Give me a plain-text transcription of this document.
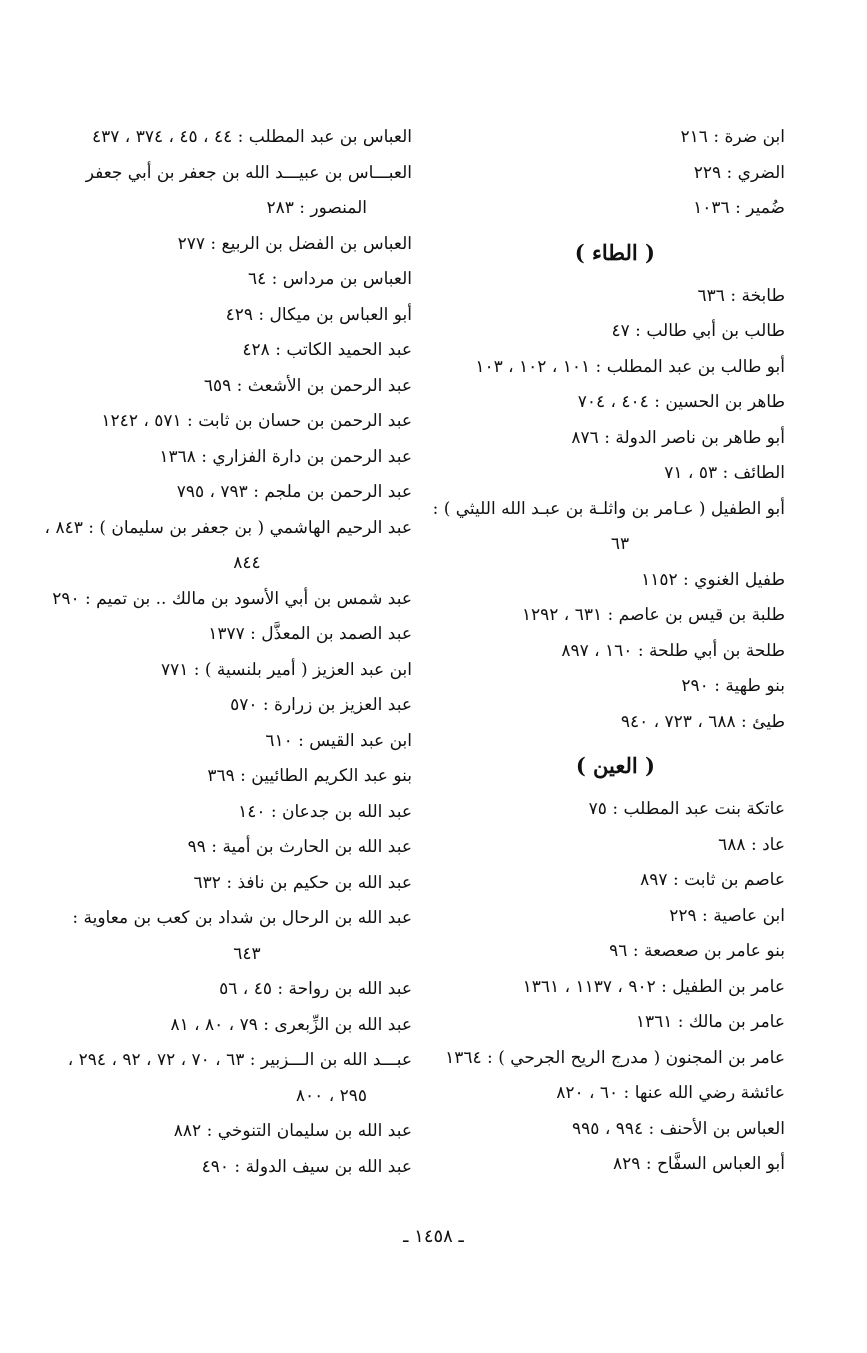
ابن ضرة : ٢١٦
الضري : ٢٢٩
ضُمير : ١٠٣٦
( الطاء )
طابخة : ٦٣٦
طالب بن أبي طالب : ٤٧
أبو طالب بن عبد المطلب : ١٠١ ، ١٠٢ ، ١٠٣
طاهر بن الحسين : ٤٠٤ ، ٧٠٤
أبو طاهر بن ناصر الدولة : ٨٧٦
الطائف : ٥٣ ، ٧١
أبو الطفيل ( عـامر بن واثلـة بن عبـد الله الليثي ) :
٦٣
طفيل الغنوي : ١١٥٢
طلبة بن قيس بن عاصم : ٦٣١ ، ١٢٩٢
طلحة بن أبي طلحة : ١٦٠ ، ٨٩٧
بنو طهية : ٢٩٠
طيئ : ٦٨٨ ، ٧٢٣ ، ٩٤٠
( العين )
عاتكة بنت عبد المطلب : ٧٥
عاد : ٦٨٨
عاصم بن ثابت : ٨٩٧
ابن عاصية : ٢٢٩
بنو عامر بن صعصعة : ٩٦
عامر بن الطفيل : ٩٠٢ ، ١١٣٧ ، ١٣٦١
عامر بن مالك : ١٣٦١
عامر بن المجنون ( مدرج الريح الجرحي ) : ١٣٦٤
عائشة رضي الله عنها : ٦٠ ، ٨٢٠
العباس بن الأحنف : ٩٩٤ ، ٩٩٥
أبو العباس السفَّاح : ٨٢٩
العباس بن عبد المطلب : ٤٤ ، ٤٥ ، ٣٧٤ ، ٤٣٧
العبـــاس بن عبيـــد الله بن جعفر بن أبي جعفر
المنصور : ٢٨٣
العباس بن الفضل بن الربيع : ٢٧٧
العباس بن مرداس : ٦٤
أبو العباس بن ميكال : ٤٢٩
عبد الحميد الكاتب : ٤٢٨
عبد الرحمن بن الأشعث : ٦٥٩
عبد الرحمن بن حسان بن ثابت : ٥٧١ ، ١٢٤٢
عبد الرحمن بن دارة الفزاري : ١٣٦٨
عبد الرحمن بن ملجم : ٧٩٣ ، ٧٩٥
عبد الرحيم الهاشمي ( بن جعفر بن سليمان ) : ٨٤٣ ،
٨٤٤
عبد شمس بن أبي الأسود بن مالك .. بن تميم : ٢٩٠
عبد الصمد بن المعذَّل : ١٣٧٧
ابن عبد العزيز ( أمير بلنسية ) : ٧٧١
عبد العزيز بن زرارة : ٥٧٠
ابن عبد القيس : ٦١٠
بنو عبد الكريم الطائيين : ٣٦٩
عبد الله بن جدعان : ١٤٠
عبد الله بن الحارث بن أمية : ٩٩
عبد الله بن حكيم بن نافذ : ٦٣٢
عبد الله بن الرحال بن شداد بن كعب بن معاوية :
٦٤٣
عبد الله بن رواحة : ٤٥ ، ٥٦
عبد الله بن الزِّبعرى : ٧٩ ، ٨٠ ، ٨١
عبـــد الله بن الـــزبير : ٦٣ ، ٧٠ ، ٧٢ ، ٩٢ ، ٢٩٤ ،
٢٩٥ ، ٨٠٠
عبد الله بن سليمان التنوخي : ٨٨٢
عبد الله بن سيف الدولة : ٤٩٠
ـ ١٤٥٨ ـ
